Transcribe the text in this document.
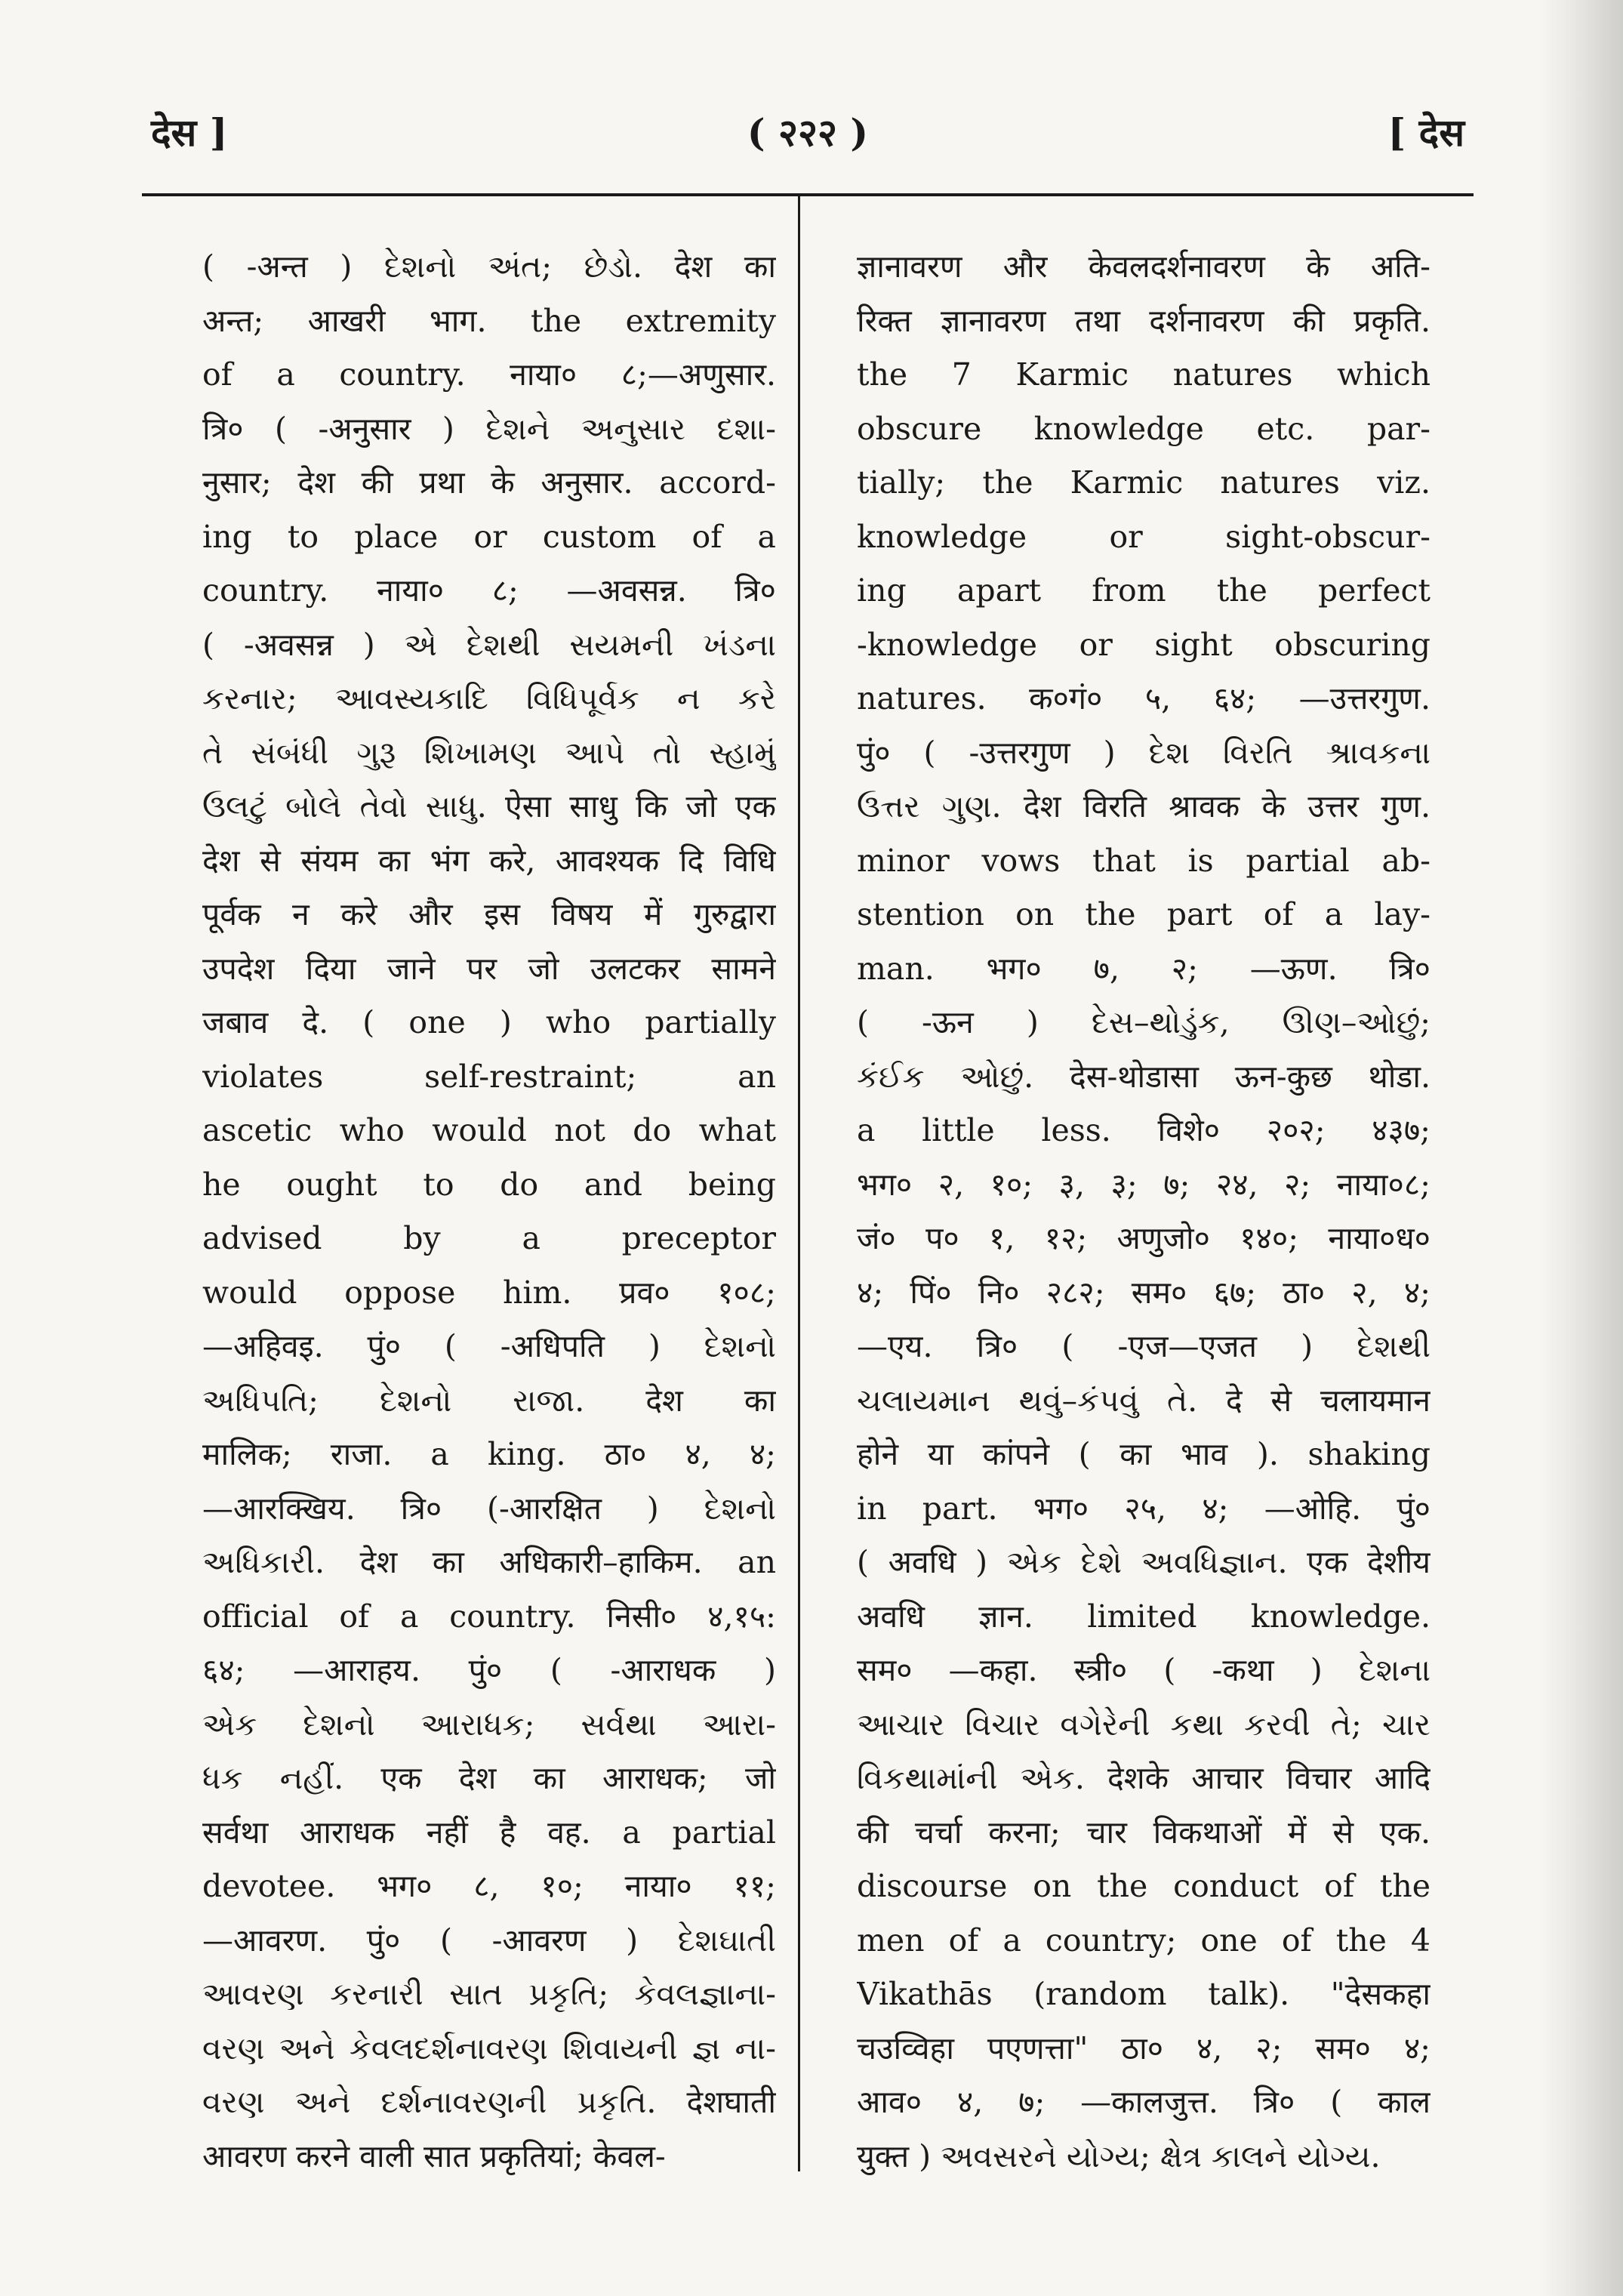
देस ]	( २२२ )	[ देस
( -अन्त ) દેશનો અંત; છેડો. देश का
अन्त; आखरी भाग. the extremity
of a country. नाया० ८;—अणुसार.
त्रि० ( -अनुसार ) દેશને અનુસાર દશા-
नुसार; देश की प्रथा के अनुसार. accord-
ing to place or custom of a
country. नाया० ८; —अवसन्न. त्रि०
( -अवसन्न ) એ દેશથી સયમની ખંડના
કરનાર; આવસ્યકાદિ વિધિપૂર્વક ન કરે
તે સંબંધી ગુરૂ શિખામણ આપે તો સ્હામું
ઉલટું બોલે તેવો સાધુ. ऐसा साधु कि जो एक
देश से संयम का भंग करे, आवश्यक दि विधि
पूर्वक न करे और इस विषय में गुरुद्वारा
उपदेश दिया जाने पर जो उलटकर सामने
जबाव दे. ( one ) who partially
violates self-restraint; an
ascetic who would not do what
he ought to do and being
advised by a preceptor
would oppose him. प्रव० १०८;
—अहिवइ. पुं० ( -अधिपति ) દેશનો
અધિપતિ; દેશનો રાજા. देश का
मालिक; राजा. a king. ठा० ४, ४;
—आरक्खिय. त्रि० (-आरक्षित ) દેશનો
અધિકારી. देश का अधिकारी–हाकिम. an
official of a country. निसी० ४,१५:
६४; —आराहय. पुं० ( -आराधक )
એક દેશનો આરાધક; સર્વથા આરા-
ધક નહીં. एक देश का आराधक; जो
सर्वथा आराधक नहीं है वह. a partial
devotee. भग० ८, १०; नाया० ११;
—आवरण. पुं० ( -आवरण ) દેશઘાતી
આવરણ કરનારી સાત પ્રકૃતિ; કેવલજ્ઞાના-
વરણ અને કેવલદર્શનાવરણ શિવાયની જ્ઞ ના-
વરણ અને દર્શનાવરણની પ્રકૃતિ. देशघाती
आवरण करने वाली सात प्रकृतियां; केवल-
ज्ञानावरण और केवलदर्शनावरण के अति-
रिक्त ज्ञानावरण तथा दर्शनावरण की प्रकृति.
the 7 Karmic natures which
obscure knowledge etc. par-
tially; the Karmic natures viz.
knowledge or sight-obscur-
ing apart from the perfect
-knowledge or sight obscuring
natures. क०गं० ५, ६४; —उत्तरगुण.
पुं० ( -उत्तरगुण ) દેશ વિરતિ શ્રાવકના
ઉત્તર ગુણ. देश विरति श्रावक के उत्तर गुण.
minor vows that is partial ab-
stention on the part of a lay-
man. भग० ७, २; —ऊण. त्रि०
( -ऊन ) દેસ–થોડુંક, ઊણ–ઓછું;
કંઈક ઓછું. देस-थोडासा ऊन-कुछ थोडा.
a little less. विशे० २०२; ४३७;
भग० २, १०; ३, ३; ७; २४, २; नाया०८;
जं० प० १, १२; अणुजो० १४०; नाया०ध०
४; पिं० नि० २८२; सम० ६७; ठा० २, ४;
—एय. त्रि० ( -एज—एजत ) દેશથી
ચલાયમાન થવું–કંપવું તે. दे से चलायमान
होने या कांपने ( का भाव ). shaking
in part. भग० २५, ४; —ओहि. पुं०
( अवधि ) એક દેશે અવધિજ્ઞાન. एक देशीय
अवधि ज्ञान. limited knowledge.
सम० —कहा. स्त्री० ( -कथा ) દેશના
આચાર વિચાર વગેરેની કથા કરવી તે; ચાર
વિકથામાંની એક. देशके आचार विचार आदि
की चर्चा करना; चार विकथाओं में से एक.
discourse on the conduct of the
men of a country; one of the 4
Vikathās (random talk). "देसकहा
चउव्विहा पएणत्ता" ठा० ४, २; सम० ४;
आव० ४, ७; —कालजुत्त. त्रि० ( काल
युक्त ) અવસરને યોગ્ય; ક્ષેત્ર કાલને યોગ્ય.
